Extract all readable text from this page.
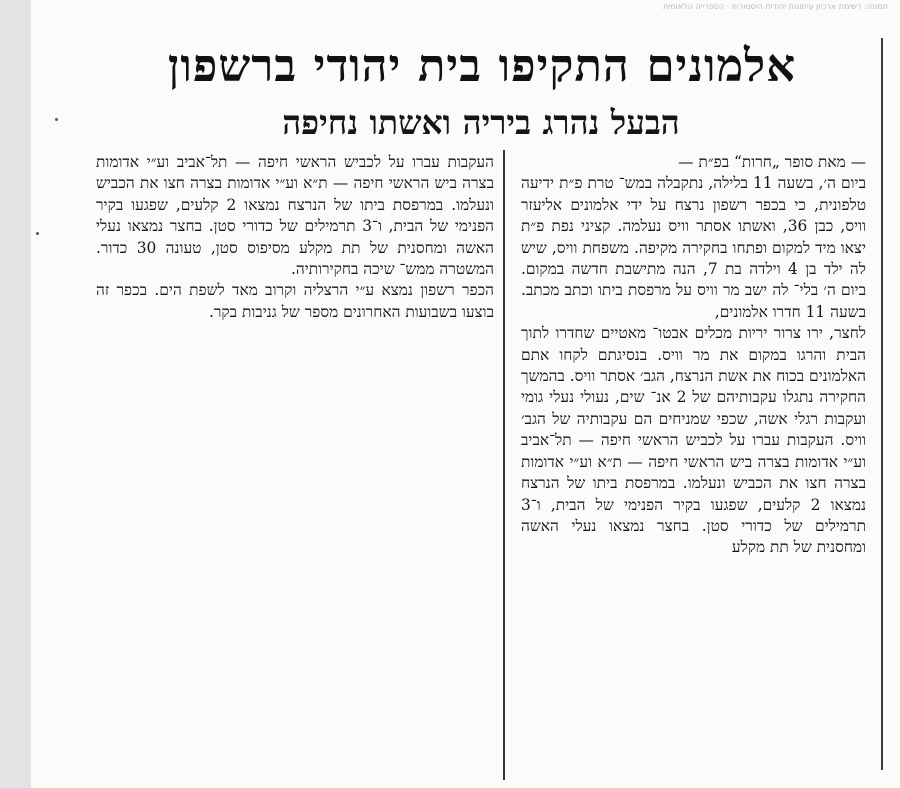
תמונה: רשימת ארכיון עיתונות יהודית היסטורית · הספרייה הלאומית
אלמונים התקיפו בית יהודי ברשפון
הבעל נהרג ביריה ואשתו נחיפה

— מאת סופר „חרות“ בפ״ת —

ביום ה׳, בשעה 11 בלילה, נתקבלה במש־ טרת פ״ת ידיעה טלפונית, כי בכפר רשפון נרצח על ידי אלמונים אליעזר וויס, כבן 36, ואשתו אסתר וויס נעלמה. קציני נפת פ״ת יצאו מיד למקום ופתחו בחקירה מקיפה. משפחת וויס, שיש לה ילד בן 4 וילדה בת 7, הנה מתישבת חדשה במקום. ביום ה׳ בלי־ לה ישב מר וויס על מרפסת ביתו וכתב מכתב. בשעה 11 חדרו אלמונים,

לחצר, ירו צרור יריות מכלים אבטו־ מאטיים שחדרו לתוך הבית והרגו במקום את מר וויס. בנסיגתם לקחו אתם האלמונים בכוח את אשת הנרצח, הגב׳ אסתר וויס. בהמשך החקירה נתגלו עקבותיהם של 2 אנ־ שים, נעולי נעלי גומי ועקבות רגלי אשה, שכפי שמניחים הם עקבותיה של הגב׳ וויס. העקבות עברו על לכביש הראשי חיפה — תל־אביב וע״י אדומות בצרה ביש הראשי חיפה — ת״א וע״י אדומות בצרה חצו את הכביש ונעלמו. במרפסת ביתו של הנרצח נמצאו 2 קלעים, שפגעו בקיר הפנימי של הבית, ו־3 תרמילים של כדורי סטן. בחצר נמצאו נעלי האשה ומחסנית של תת מקלע

העקבות עברו על לכביש הראשי חיפה — תל־אביב וע״י אדומות בצרה ביש הראשי חיפה — ת״א וע״י אדומות בצרה חצו את הכביש ונעלמו. במרפסת ביתו של הנרצח נמצאו 2 קלעים, שפגעו בקיר הפנימי של הבית, ו־3 תרמילים של כדורי סטן. בחצר נמצאו נעלי האשה ומחסנית של תת מקלע מסיפוס סטן, טעונה 30 כדור. המשטרה ממש־ שיכה בחקירותיה.

הכפר רשפון נמצא ע״י הרצליה וקרוב מאד לשפת הים. בכפר זה בוצעו בשבועות האחרונים מספר של גניבות בקר.
